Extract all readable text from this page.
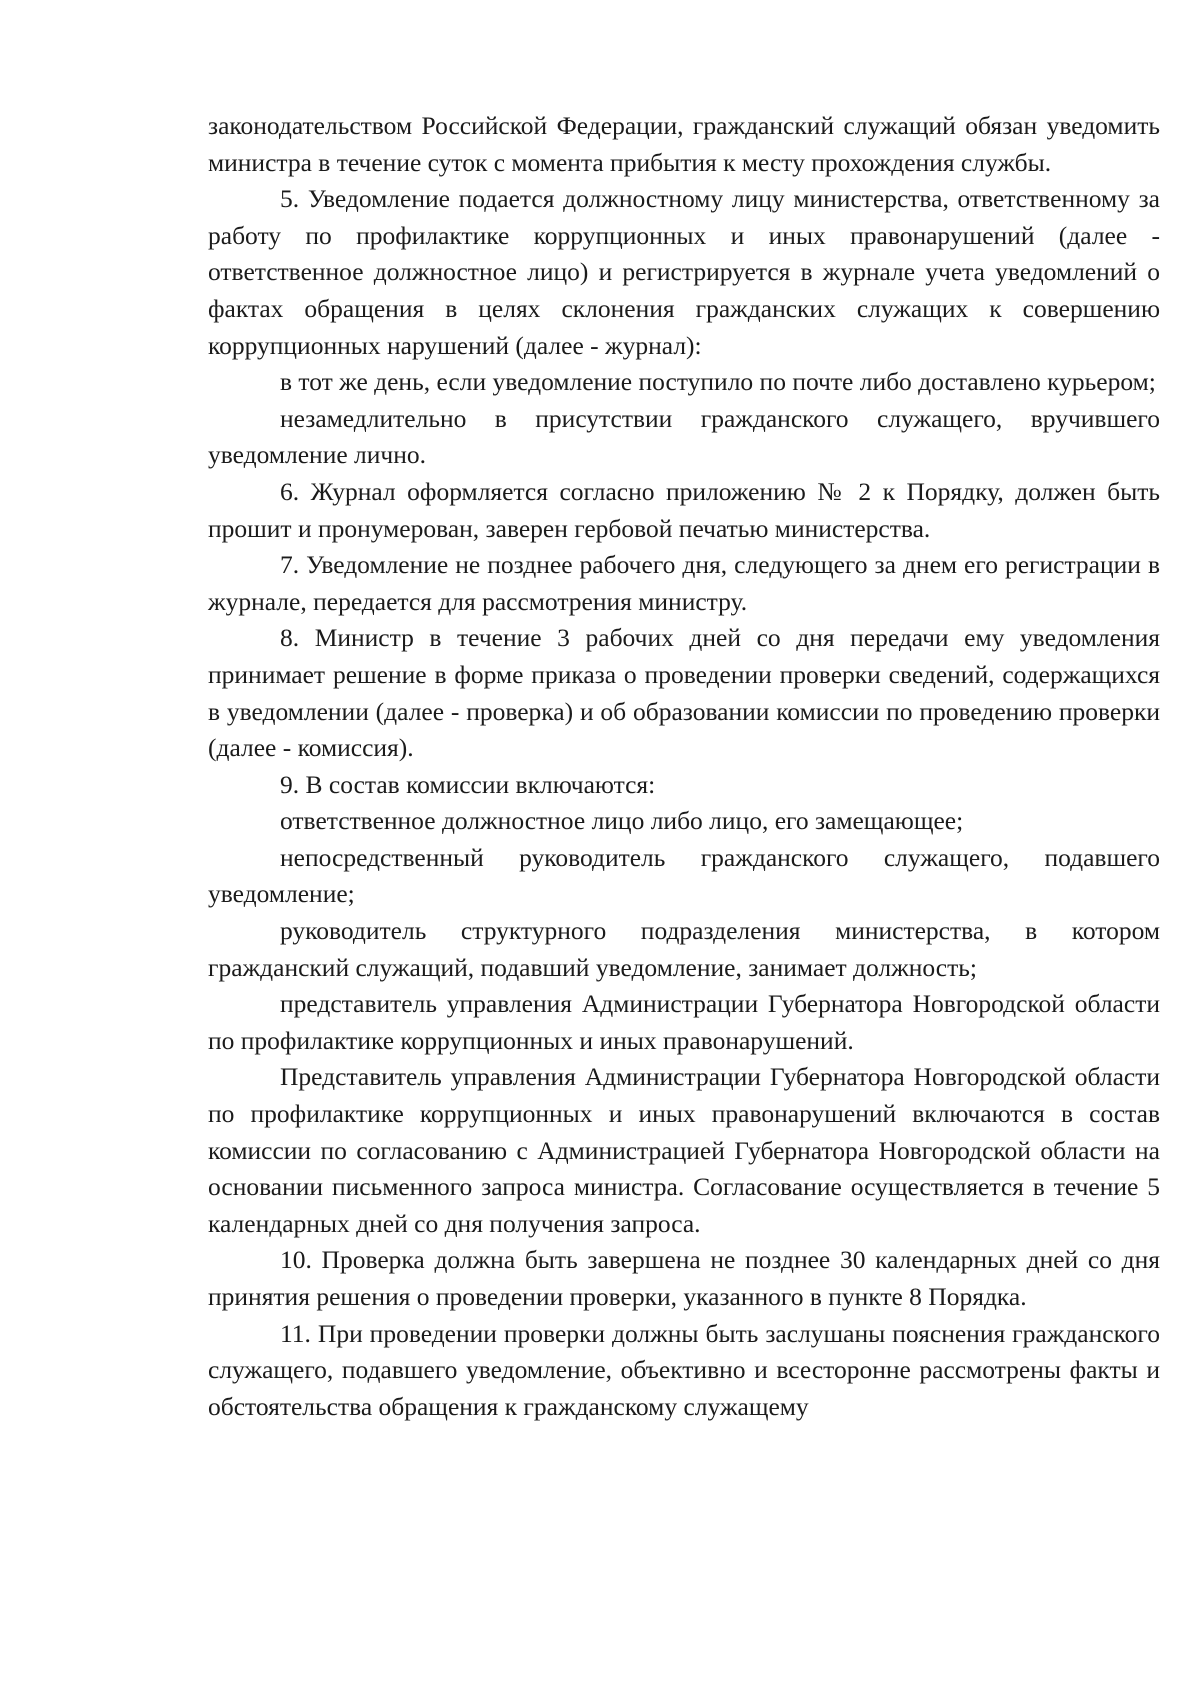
законодательством Российской Федерации, гражданский служащий обязан уведомить министра в течение суток с момента прибытия к месту прохождения службы.

5. Уведомление подается должностному лицу министерства, ответственному за работу по профилактике коррупционных и иных правонарушений (далее - ответственное должностное лицо) и регистрируется в журнале учета уведомлений о фактах обращения в целях склонения гражданских служащих к совершению коррупционных нарушений (далее - журнал):

в тот же день, если уведомление поступило по почте либо доставлено курьером;

незамедлительно в присутствии гражданского служащего, вручившего уведомление лично.

6. Журнал оформляется согласно приложению № 2 к Порядку, должен быть прошит и пронумерован, заверен гербовой печатью министерства.

7. Уведомление не позднее рабочего дня, следующего за днем его регистрации в журнале, передается для рассмотрения министру.

8. Министр в течение 3 рабочих дней со дня передачи ему уведомления принимает решение в форме приказа о проведении проверки сведений, содержащихся в уведомлении (далее - проверка) и об образовании комиссии по проведению проверки (далее - комиссия).

9. В состав комиссии включаются:

ответственное должностное лицо либо лицо, его замещающее;

непосредственный руководитель гражданского служащего, подавшего уведомление;

руководитель структурного подразделения министерства, в котором гражданский служащий, подавший уведомление, занимает должность;

представитель управления Администрации Губернатора Новгородской области по профилактике коррупционных и иных правонарушений.

Представитель управления Администрации Губернатора Новгородской области по профилактике коррупционных и иных правонарушений включаются в состав комиссии по согласованию с Администрацией Губернатора Новгородской области на основании письменного запроса министра. Согласование осуществляется в течение 5 календарных дней со дня получения запроса.

10. Проверка должна быть завершена не позднее 30 календарных дней со дня принятия решения о проведении проверки, указанного в пункте 8 Порядка.

11. При проведении проверки должны быть заслушаны пояснения гражданского служащего, подавшего уведомление, объективно и всесторонне рассмотрены факты и обстоятельства обращения к гражданскому служащему
